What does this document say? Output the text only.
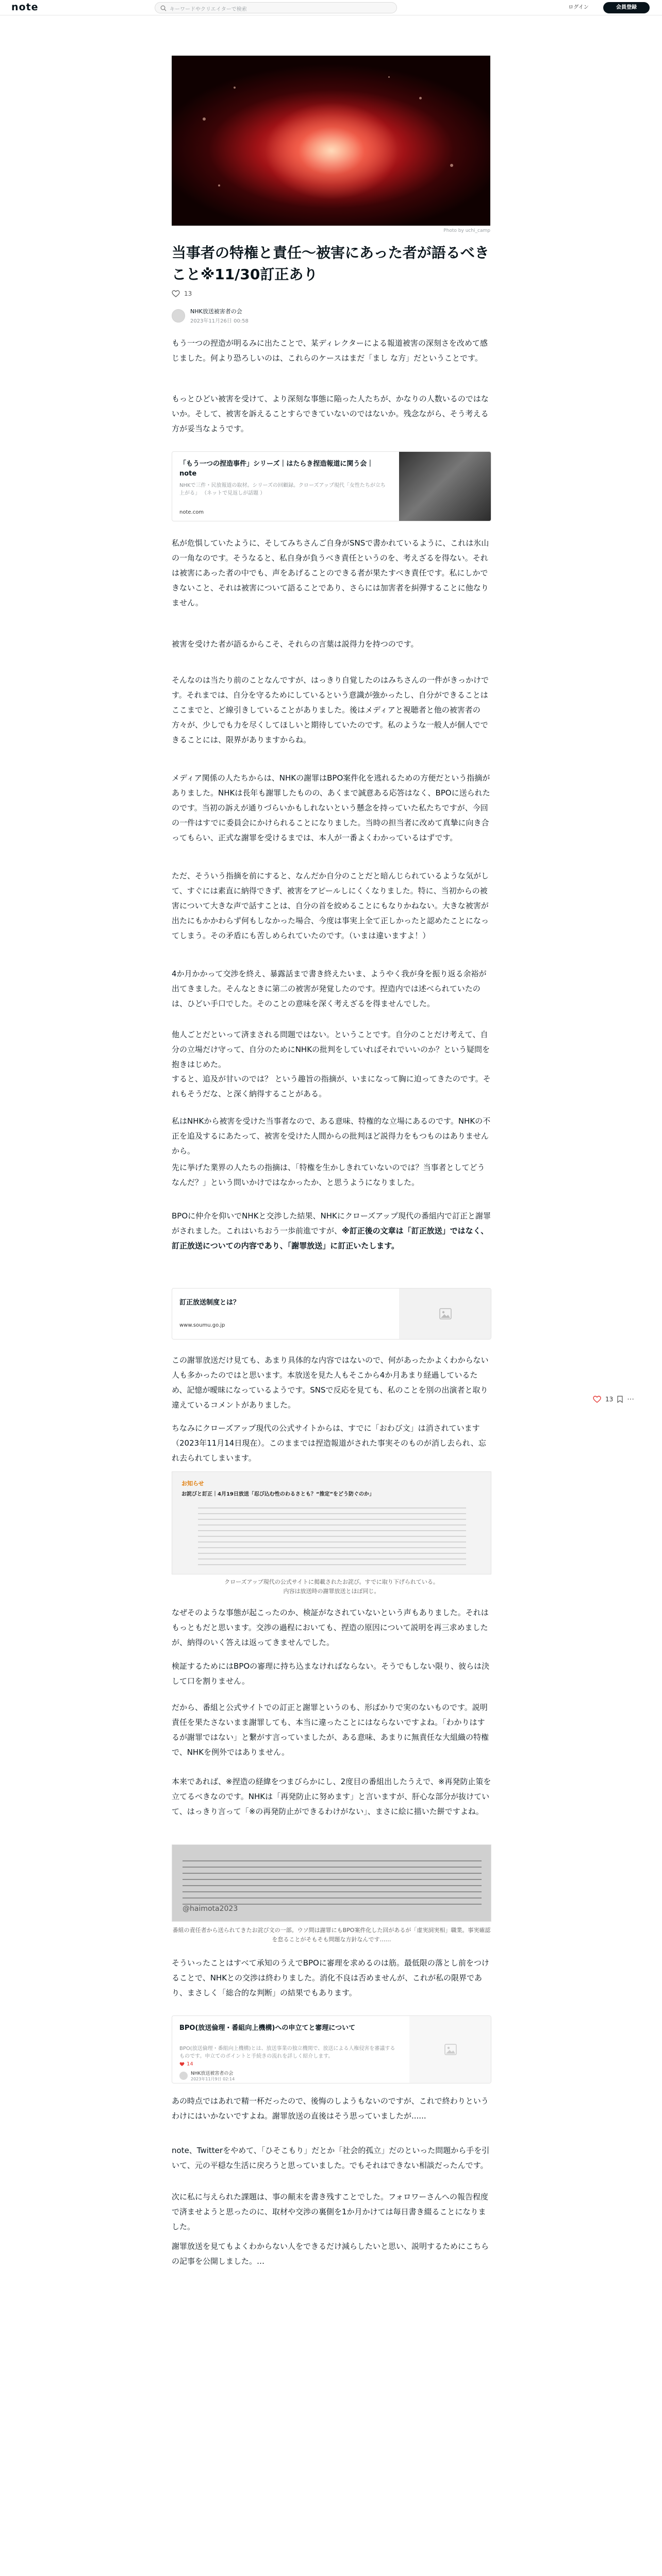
note	キーワードやクリエイターで検索	ログイン	会員登録
Photo by uchi_camp
当事者の特権と責任〜被害にあった者が語るべきこと※11/30訂正あり
13
NHK放送被害者の会
2023年11月26日 00:58

もう一つの捏造が明るみに出たことで、某ディレクターによる報道被害の深刻さを改めて感じました。何より恐ろしいのは、これらのケースはまだ「まし な方」だということです。

もっとひどい被害を受けて、より深刻な事態に陥った人たちが、かなりの人数いるのではないか。そして、被害を訴えることすらできていないのではないか。残念ながら、そう考える方が妥当なようです。

「もう一つの捏造事件」シリーズ｜はたらき捏造報道に関う会｜note
NHKで三件・民放報道の取材。シリーズの回顧録。クローズアップ現代「女性たちが立ち上がる」 （ネットで見返しが話題 ）
note.com

私が危惧していたように、そしてみちさんご自身がSNSで書かれているように、これは氷山の一角なのです。そうなると、私自身が負うべき責任というのを、考えざるを得ない。それは被害にあった者の中でも、声をあげることのできる者が果たすべき責任です。私にしかできないこと、それは被害について語ることであり、さらには加害者を糾弾することに他なりません。

被害を受けた者が語るからこそ、それらの言葉は説得力を持つのです。

そんなのは当たり前のことなんですが、はっきり自覚したのはみちさんの一件がきっかけです。それまでは、自分を守るためにしているという意識が強かったし、自分ができることはここまでと、ど線引きしていることがありました。後はメディアと視聴者と他の被害者の方々が、少しでも力を尽くしてほしいと期待していたのです。私のような一般人が個人でできることには、限界がありますからね。

メディア関係の人たちからは、NHKの謝罪はBPO案件化を逃れるための方便だという指摘がありました。NHKは長年も謝罪したものの、あくまで誠意ある応答はなく、BPOに送られたのです。当初の訴えが通りづらいかもしれないという懸念を持っていた私たちですが、今回の一件はすでに委員会にかけられることになりました。当時の担当者に改めて真摯に向き合ってもらい、正式な謝罪を受けるまでは、本人が一番よくわかっているはずです。

ただ、そういう指摘を前にすると、なんだか自分のことだと暗んじられているような気がして、すぐには素直に納得できず、被害をアピールしにくくなりました。特に、当初からの被害について大きな声で話すことは、自分の首を絞めることにもなりかねない。大きな被害が出たにもかかわらず何もしなかった場合、今度は事実上全て正しかったと認めたことになってしまう。その矛盾にも苦しめられていたのです。（いまは違いますよ！）

4か月かかって交渉を終え、暴露話まで書き終えたいま、ようやく我が身を振り返る余裕が出てきました。そんなときに第二の被害が発覚したのです。捏造内では述べられていたのは、ひどい手口でした。そのことの意味を深く考えざるを得ませんでした。

他人ごとだといって済まされる問題ではない。ということです。自分のことだけ考えて、自分の立場だけ守って、自分のためにNHKの批判をしていればそれでいいのか？という疑問を抱きはじめた。

すると、追及が甘いのでは？ という趣旨の指摘が、いまになって胸に迫ってきたのです。それもそうだな、と深く納得することがある。

私はNHKから被害を受けた当事者なので、ある意味、特権的な立場にあるのです。NHKの不正を追及するにあたって、被害を受けた人間からの批判ほど説得力をもつものはありませんから。

先に挙げた業界の人たちの指摘は、「特権を生かしきれていないのでは？当事者としてどうなんだ？」という問いかけではなかったか、と思うようになりました。

BPOに仲介を仰いでNHKと交渉した結果、NHKにクローズアップ現代の番組内で訂正と謝罪がされました。これはいちおう一歩前進ですが、※訂正後の文章は「訂正放送」ではなく、訂正放送についての内容であり、「謝罪放送」に訂正いたします。

訂正放送制度とは？
www.soumu.go.jp

この謝罪放送だけ見ても、あまり具体的な内容ではないので、何があったかよくわからない人も多かったのではと思います。本放送を見た人もそこから4か月あまり経過しているため、記憶が曖昧になっているようです。SNSで反応を見ても、私のことを別の出演者と取り違えているコメントがありました。

ちなみにクローズアップ現代の公式サイトからは、すでに「おわび文」は消されています（2023年11月14日現在）。このままでは捏造報道がされた事実そのものが消し去られ、忘れ去られてしまいます。

お知らせ
お詫びと訂正｜4月19日放送「忍び込む性のわるさとも？“推定”をどう防ぐのか」
クローズアップ現代の公式サイトに掲載されたお詫び。すでに取り下げられている。
内容は放送時の謝罪放送とほぼ同じ。

なぜそのような事態が起こったのか、検証がなされていないという声もありました。それはもっともだと思います。交渉の過程においても、捏造の原因について説明を再三求めましたが、納得のいく答えは返ってきませんでした。

検証するためにはBPOの審理に持ち込まなければならない。そうでもしない限り、彼らは決して口を割りません。

だから、番組と公式サイトでの訂正と謝罪というのも、形ばかりで実のないものです。説明責任を果たさないまま謝罪しても、本当に違ったことにはならないですよね。「わかりはするが謝罪ではない」と繋がす言っていましたが、ある意味、あまりに無責任な大組織の特権で、NHKを例外ではありません。

本来であれば、※捏造の経緯をつまびらかにし、2度目の番組出したうえで、※再発防止策を立てるべきなのです。NHKは「再発防止に努めます」と言いますが、肝心な部分が抜けていて、はっきり言って「※の再発防止ができるわけがない」、まさに絵に描いた餅ですよね。

@haimota2023
番組の責任者から送られてきたお詫び文の一部。ウソ問は謝罪にもBPO案件化した回があるが「虚実詞実相」職業。事実確認を怠ることがそもそも問題な方針なんです……

そういったことはすべて承知のうえでBPOに審理を求めるのは筋。最低限の落とし前をつけることで、NHKとの交渉は終わりました。消化不良は否めませんが、これが私の限界であり、まさしく「総合的な判断」の結果でもあります。

BPO(放送倫理・番組向上機構)への申立てと審理について
BPO(放送倫理・番組向上機構)とは、放送事業の独立機関で、放送による人権侵害を審議するものです。申立てのポイントと手続きの流れを詳しく紹介します。
14
NHK放送被害者の会
2023年11月9日 02:14

あの時点ではあれで精一杯だったので、後悔のしようもないのですが、これで終わりというわけにはいかないですよね。謝罪放送の直後はそう思っていましたが......

note、Twitterをやめて、「ひそこもり」だとか「社会的孤立」だのといった問題から手を引いて、元の平穏な生活に戻ろうと思っていました。でもそれはできない相談だったんです。

次に私に与えられた課題は、事の顛末を書き残すことでした。フォロワーさんへの報告程度で済ませようと思ったのに、取材や交渉の裏側を1か月かけては毎日書き綴ることになりました。

謝罪放送を見てもよくわからない人をできるだけ減らしたいと思い、説明するためにこちらの記事を公開しました。…

13 ⋯
